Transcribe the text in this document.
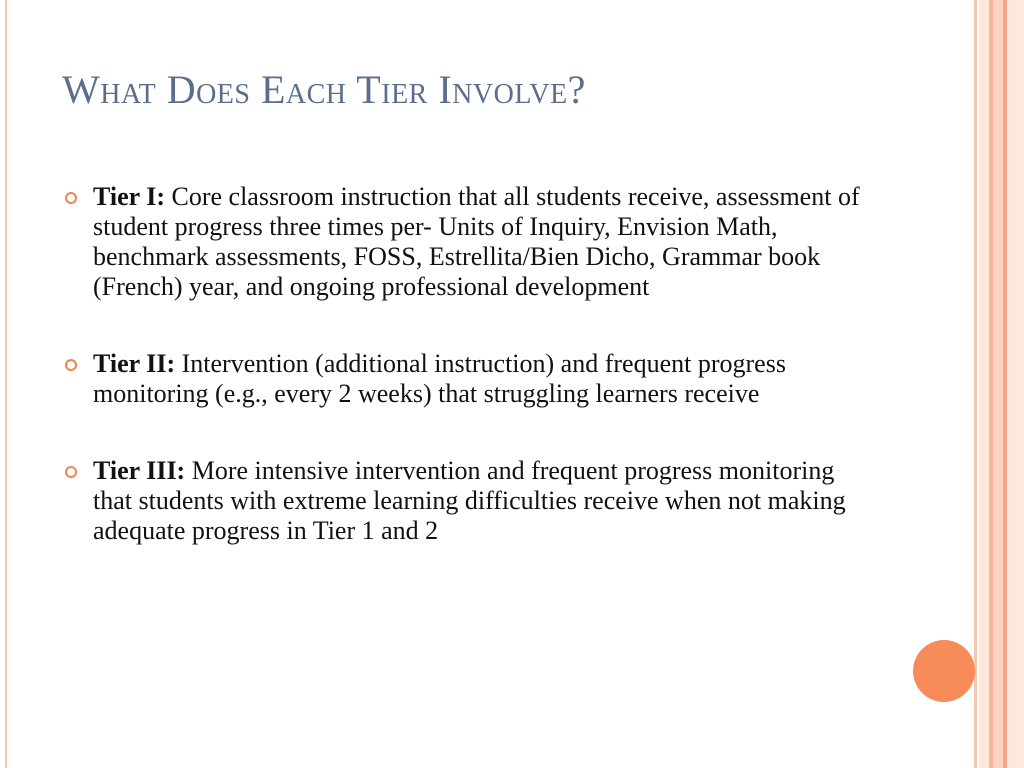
What Does Each Tier Involve?
Tier I: Core classroom instruction that all students receive, assessment of student progress three times per- Units of Inquiry, Envision Math, benchmark assessments, FOSS, Estrellita/Bien Dicho, Grammar book (French) year, and ongoing professional development
Tier II: Intervention (additional instruction) and frequent progress monitoring (e.g., every 2 weeks) that struggling learners receive
Tier III: More intensive intervention and frequent progress monitoring that students with extreme learning difficulties receive when not making adequate progress in Tier 1 and 2
